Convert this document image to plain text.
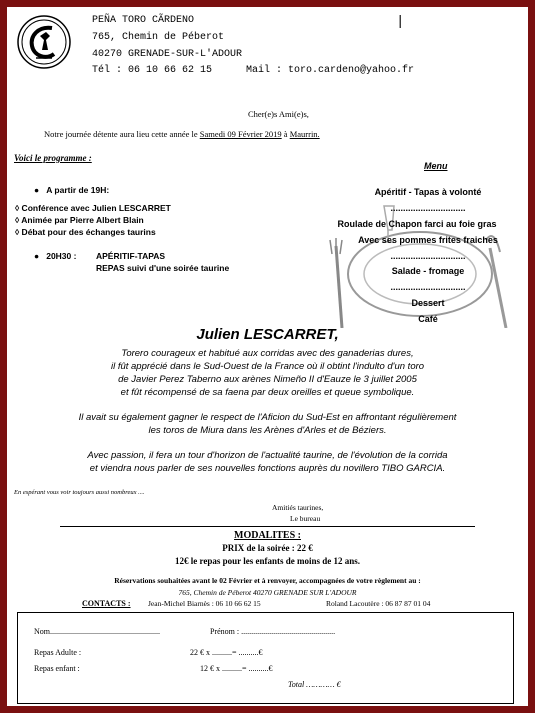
PEÑA TORO CÃRDENO
765, Chemin de Péberot
40270 GRENADE-SUR-L'ADOUR
Tél : 06 10 66 62 15	Mail : toro.cardeno@yahoo.fr
|
Cher(e)s Ami(e)s,
Notre journée détente aura lieu cette année le Samedi 09 Février 2019 à Maurrin.
Voici le programme :
●   A partir de 19H:
◊ Conférence avec Julien LESCARRET
◊ Animée par Pierre Albert Blain
◊ Débat pour des échanges taurins
●   20H30 : APÉRITIF-TAPAS
REPAS suivi d'une soirée taurine
Menu
Apéritif - Tapas à volonté
..............................
Roulade de Chapon farci au foie gras
Avec ses pommes frites fraiches
..............................
Salade - fromage
..............................
Dessert
Café
Julien LESCARRET,
Torero courageux et habitué aux corridas avec des ganaderias dures,
il fût apprécié dans le Sud-Ouest de la France où il obtint l'indulto d'un toro
de Javier Perez Taberno aux arènes Nimeño II d'Eauze le 3 juillet 2005
et fût récompensé de sa faena par deux oreilles et queue symbolique.
Il avait su également gagner le respect de l'Aficion du Sud-Est en affrontant régulièrement
les toros de Miura dans les Arènes d'Arles et de Béziers.
Avec passion, il fera un tour d'horizon de l'actualité taurine, de l'évolution de la corrida
et viendra nous parler de ses nouvelles fonctions auprès du novillero TIBO GARCIA.
En espérant vous voir toujours aussi nombreux ....
Amitiés taurines,
Le bureau
MODALITES :
PRIX de la soirée : 22 €
12€ le repas pour les enfants de moins de 12 ans.
Réservations souhaitées avant le 02 Février et à renvoyer, accompagnées de votre règlement au :
765, Chemin de Péberot 40270 GRENADE SUR L'ADOUR
CONTACTS : Jean-Michel Biarnès : 06 10 66 62 15	Roland Lacoutère : 06 87 87 01 04
Nom.......................................................	Prénom : ...............................................
Repas Adulte :	22 € x ..........= ..........€
Repas enfant :	12 € x ..........= ..........€
Total ………… €
